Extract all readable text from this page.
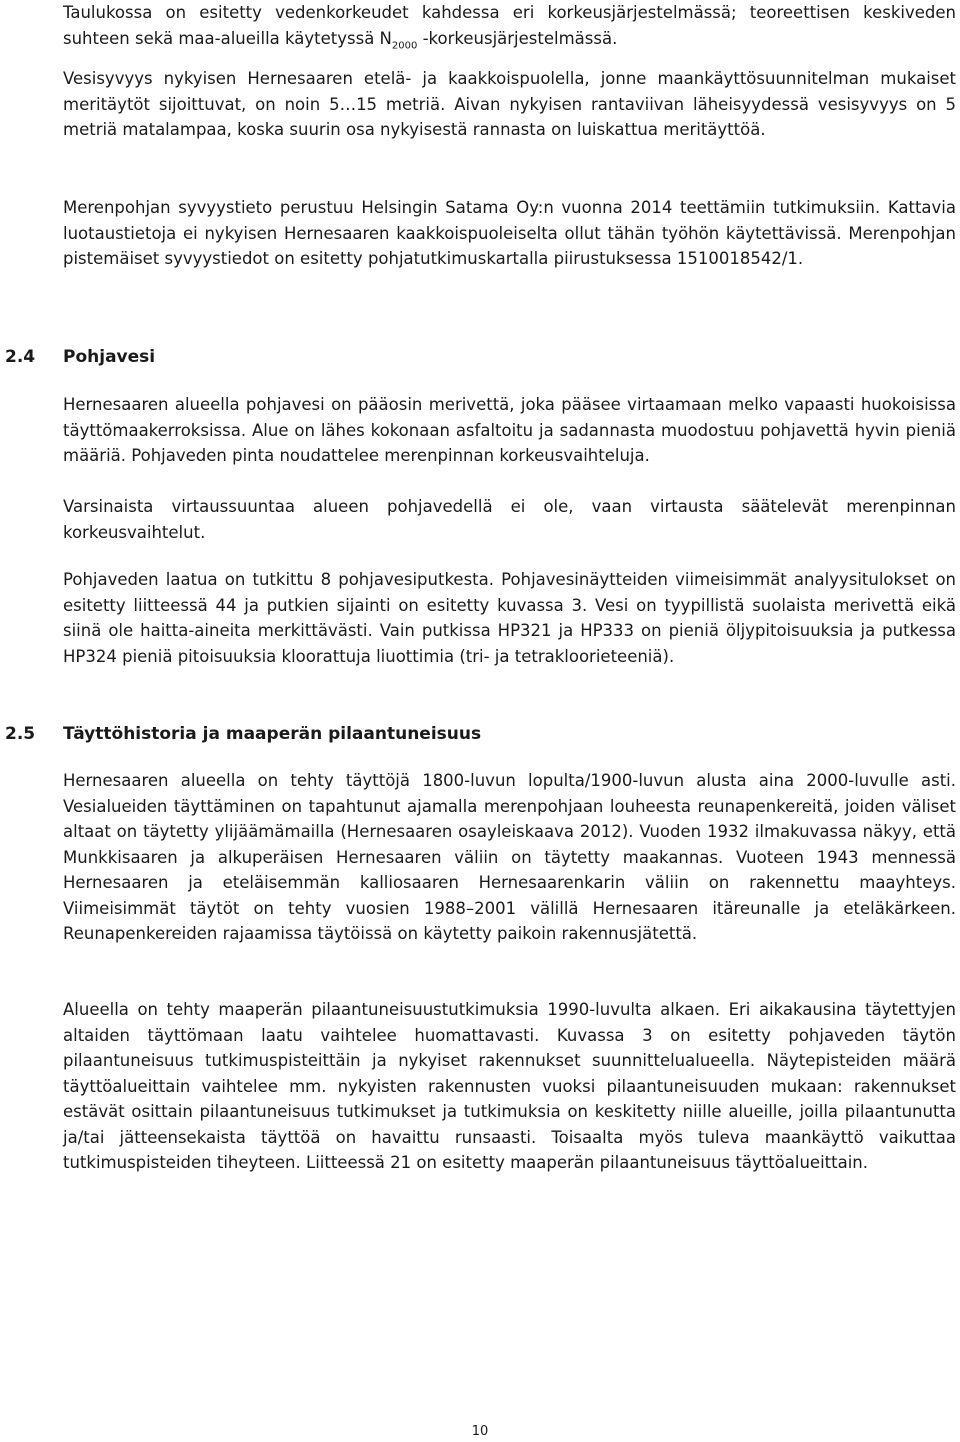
Taulukossa on esitetty vedenkorkeudet kahdessa eri korkeusjärjestelmässä; teoreettisen keskiveden suhteen sekä maa-alueilla käytetyssä $N_{2000}$ -korkeusjärjestelmässä.

Vesisyvyys nykyisen Hernesaaren etelä- ja kaakkoispuolella, jonne maankäyttösuunnitelman mukaiset meritäytöt sijoittuvat, on noin 5…15 metriä. Aivan nykyisen rantaviivan läheisyydessä vesisyvyys on 5 metriä matalampaa, koska suurin osa nykyisestä rannasta on luiskattua meritäyttöä.

Merenpohjan syvyystieto perustuu Helsingin Satama Oy:n vuonna 2014 teettämiin tutkimuksiin. Kattavia luotaustietoja ei nykyisen Hernesaaren kaakkoispuoleiselta ollut tähän työhön käytettävissä. Merenpohjan pistemäiset syvyystiedot on esitetty pohjatutkimuskartalla piirustuksessa 1510018542/1.

2.4 Pohjavesi

Hernesaaren alueella pohjavesi on pääosin merivettä, joka pääsee virtaamaan melko vapaasti huokoisissa täyttömaakerroksissa. Alue on lähes kokonaan asfaltoitu ja sadannasta muodostuu pohjavettä hyvin pieniä määriä. Pohjaveden pinta noudattelee merenpinnan korkeusvaihteluja.

Varsinaista virtaussuuntaa alueen pohjavedellä ei ole, vaan virtausta säätelevät merenpinnan korkeusvaihtelut.

Pohjaveden laatua on tutkittu 8 pohjavesiputkesta. Pohjavesinäytteiden viimeisimmät analyysitulokset on esitetty liitteessä 44 ja putkien sijainti on esitetty kuvassa 3. Vesi on tyypillistä suolaista merivettä eikä siinä ole haitta-aineita merkittävästi. Vain putkissa HP321 ja HP333 on pieniä öljypitoisuuksia ja putkessa HP324 pieniä pitoisuuksia kloorattuja liuottimia (tri- ja tetrakloorieteeniä).

2.5 Täyttöhistoria ja maaperän pilaantuneisuus

Hernesaaren alueella on tehty täyttöjä 1800-luvun lopulta/1900-luvun alusta aina 2000-luvulle asti. Vesialueiden täyttäminen on tapahtunut ajamalla merenpohjaan louheesta reunapenkereitä, joiden väliset altaat on täytetty ylijäämämailla (Hernesaaren osayleiskaava 2012). Vuoden 1932 ilmakuvassa näkyy, että Munkkisaaren ja alkuperäisen Hernesaaren väliin on täytetty maakannas. Vuoteen 1943 mennessä Hernesaaren ja eteläisemmän kalliosaaren Hernesaarenkarin väliin on rakennettu maayhteys. Viimeisimmät täytöt on tehty vuosien 1988–2001 välillä Hernesaaren itäreunalle ja eteläkärkeen. Reunapenkereiden rajaamissa täytöissä on käytetty paikoin rakennusjätettä.

Alueella on tehty maaperän pilaantuneisuustutkimuksia 1990-luvulta alkaen. Eri aikakausina täytettyjen altaiden täyttömaan laatu vaihtelee huomattavasti. Kuvassa 3 on esitetty pohjaveden täytön pilaantuneisuus tutkimuspisteittäin ja nykyiset rakennukset suunnittelualueella. Näytepisteiden määrä täyttöalueittain vaihtelee mm. nykyisten rakennusten vuoksi pilaantuneisuuden mukaan: rakennukset estävät osittain pilaantuneisuus tutkimukset ja tutkimuksia on keskitetty niille alueille, joilla pilaantunutta ja/tai jätteensekaista täyttöä on havaittu runsaasti. Toisaalta myös tuleva maankäyttö vaikuttaa tutkimuspisteiden tiheyteen. Liitteessä 21 on esitetty maaperän pilaantuneisuus täyttöalueittain.

10
